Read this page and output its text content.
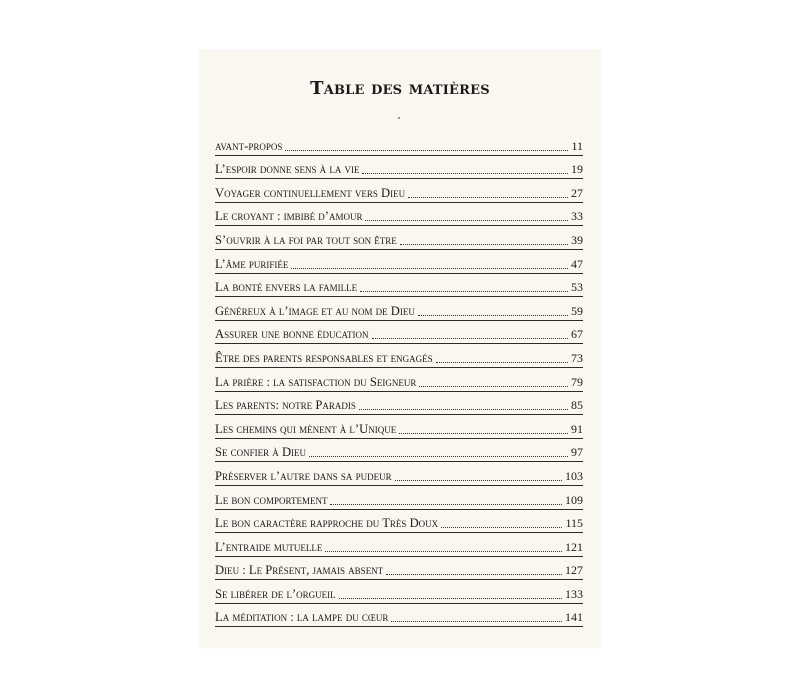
Table des matières
avant-propos	11
L’espoir donne sens à la vie	19
Voyager continuellement vers Dieu	27
Le croyant : imbibé d’amour	33
S’ouvrir à la foi par tout son être	39
L’âme purifiée	47
La bonté envers la famille	53
Généreux à l’image et au nom de Dieu	59
Assurer une bonne éducation	67
Être des parents responsables et engagés	73
La prière : la satisfaction du Seigneur	79
Les parents: notre Paradis	85
Les chemins qui mènent à l’Unique	91
Se confier à Dieu	97
Préserver l’autre dans sa pudeur	103
Le bon comportement	109
Le bon caractère rapproche du Très Doux	115
L’entraide mutuelle	121
Dieu : Le Présent, jamais absent	127
Se libérer de l’orgueil	133
La méditation : la lampe du cœur	141
